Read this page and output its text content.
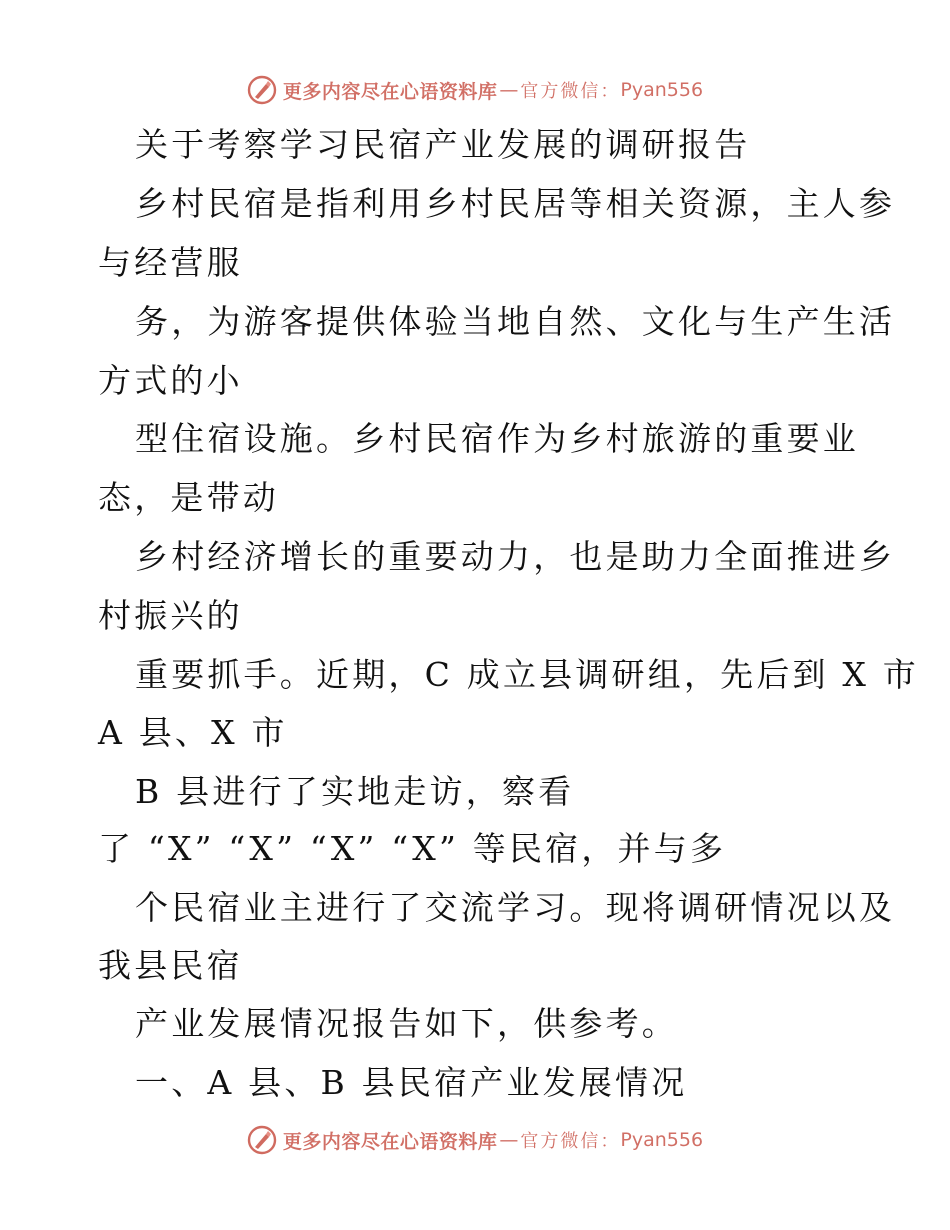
更多内容尽在心语资料库 — 官方微信： Pyan556
关于考察学习民宿产业发展的调研报告
乡村民宿是指利用乡村民居等相关资源，主人参
与经营服
务，为游客提供体验当地自然、文化与生产生活
方式的小
型住宿设施。乡村民宿作为乡村旅游的重要业
态，是带动
乡村经济增长的重要动力，也是助力全面推进乡
村振兴的
重要抓手。近期，C 成立县调研组，先后到 X 市
A 县、X 市
B 县进行了实地走访，察看
了 “X” “X” “X” “X” 等民宿，并与多
个民宿业主进行了交流学习。现将调研情况以及
我县民宿
产业发展情况报告如下，供参考。
一、A 县、B 县民宿产业发展情况
更多内容尽在心语资料库 — 官方微信： Pyan556
